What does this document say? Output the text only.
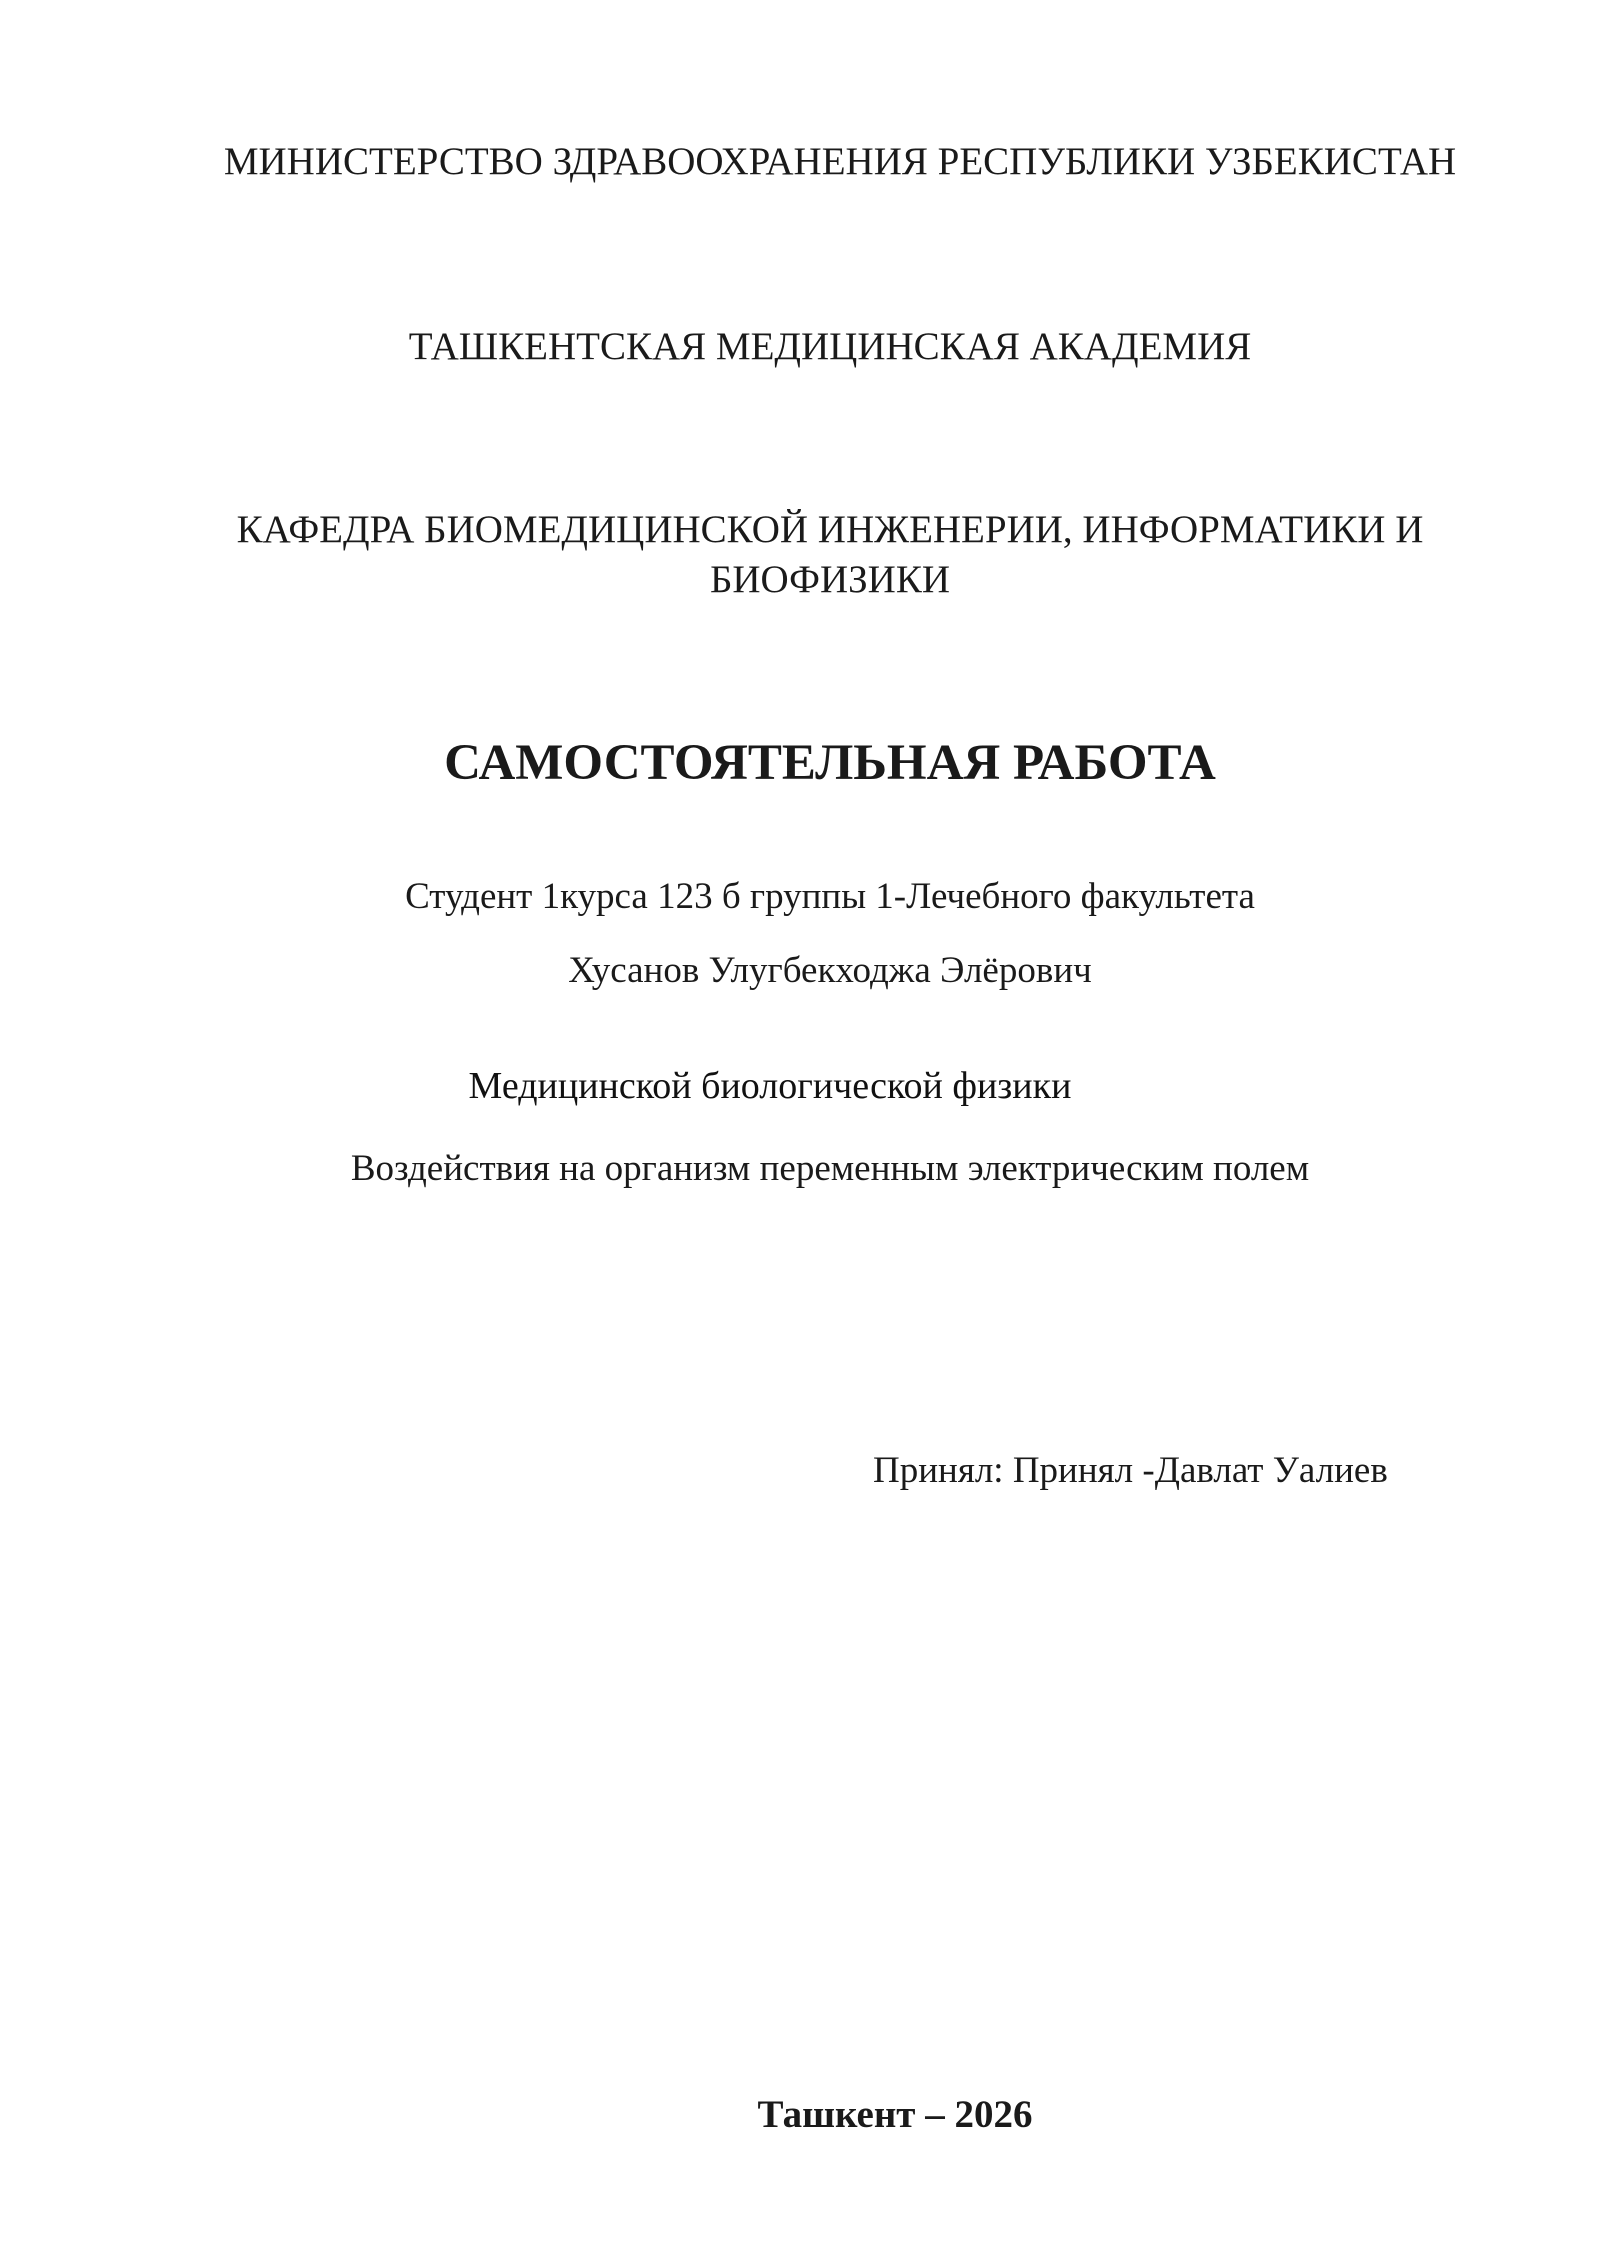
МИНИСТЕРСТВО ЗДРАВООХРАНЕНИЯ РЕСПУБЛИКИ УЗБЕКИСТАН
ТАШКЕНТСКАЯ МЕДИЦИНСКАЯ АКАДЕМИЯ
КАФЕДРА БИОМЕДИЦИНСКОЙ ИНЖЕНЕРИИ, ИНФОРМАТИКИ И
БИОФИЗИКИ
САМОСТОЯТЕЛЬНАЯ РАБОТА
Студент 1курса 123 б группы 1-Лечебного факультета
Хусанов Улугбекходжа Элёрович
Медицинской биологической физики
Воздействия на организм переменным электрическим полем
Принял: Принял -Давлат Уалиев
Ташкент – 2026
